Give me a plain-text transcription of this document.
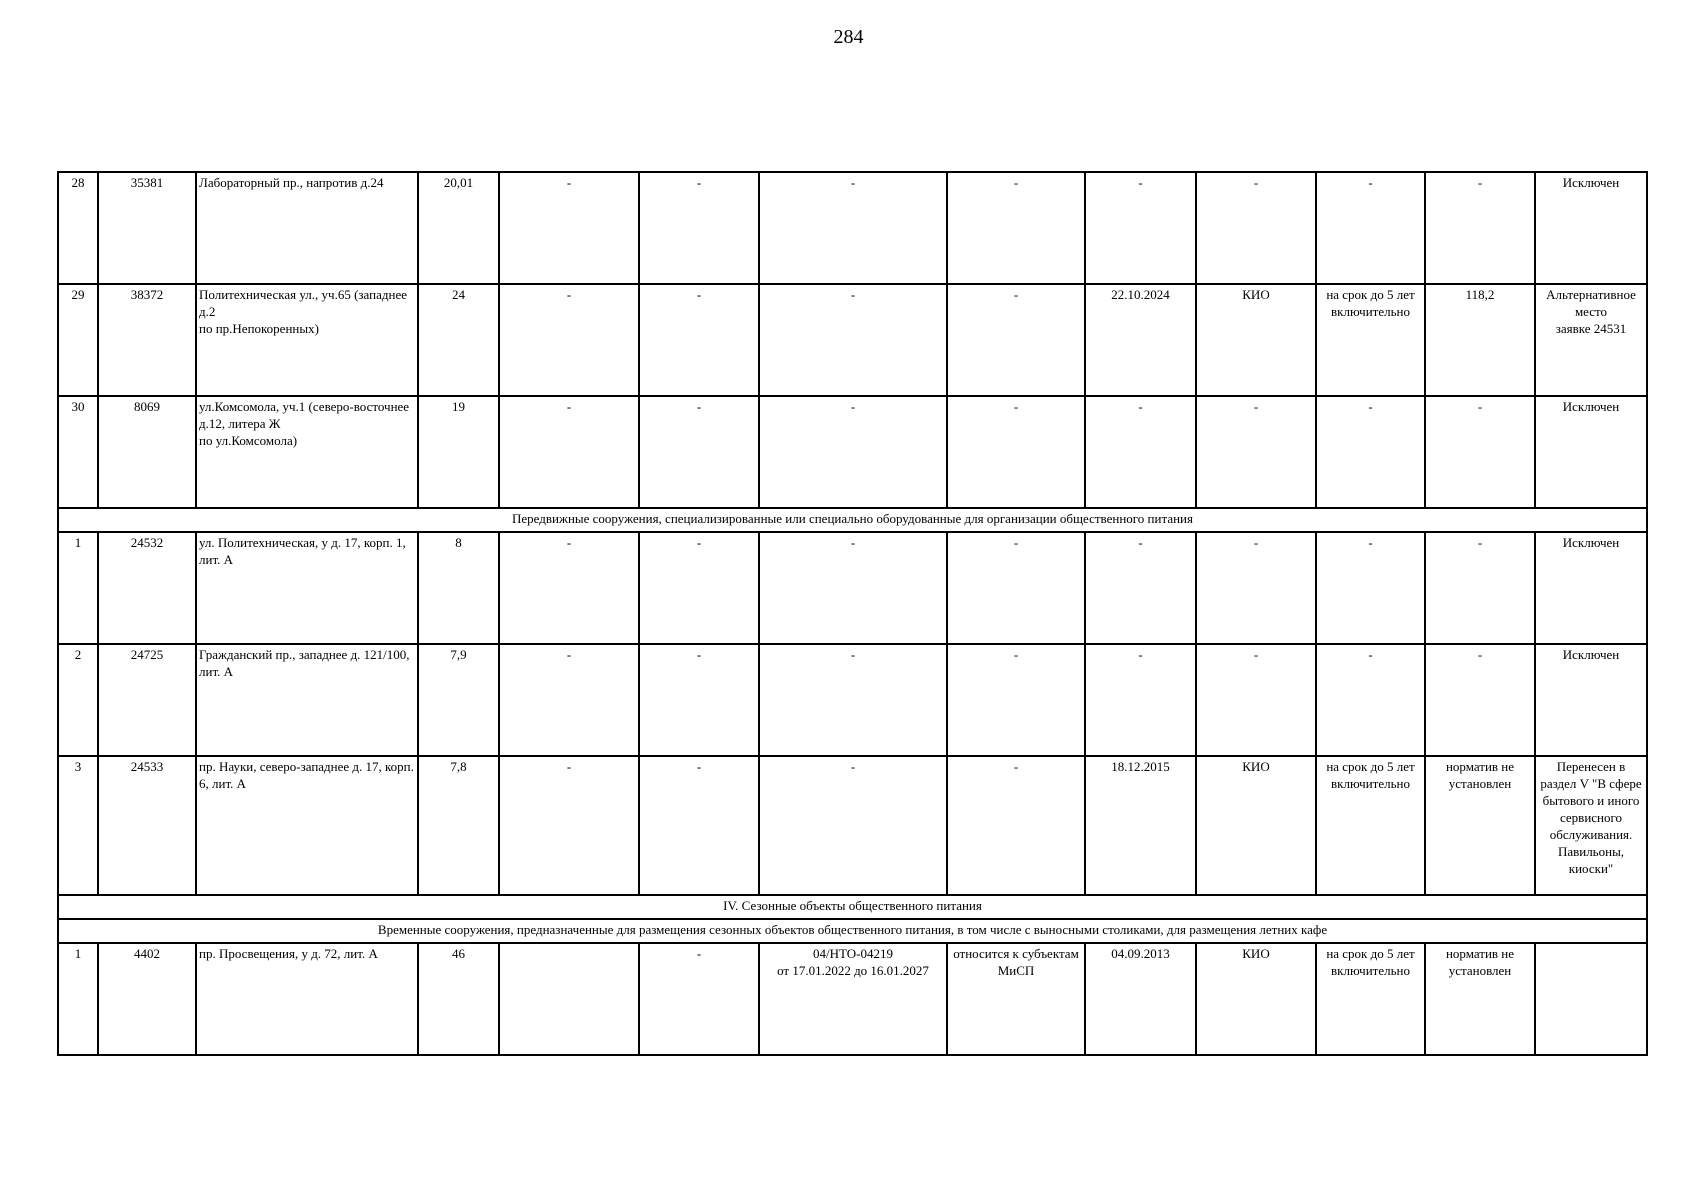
284
28	35381	Лабораторный пр., напротив д.24	20,01	-	-	-	-	-	-	-	-	Исключен
29	38372	Политехническая ул., уч.65 (западнее д.2
по пр.Непокоренных)	24	-	-	-	-	22.10.2024	КИО	на срок до 5 лет включительно	118,2	Альтернативное место
заявке 24531
30	8069	ул.Комсомола, уч.1 (северо-восточнее д.12, литера Ж
по ул.Комсомола)	19	-	-	-	-	-	-	-	-	Исключен
Передвижные сооружения, специализированные или специально оборудованные для организации общественного питания												
1	24532	ул. Политехническая, у д. 17, корп. 1, лит. А	8	-	-	-	-	-	-	-	-	Исключен
2	24725	Гражданский пр., западнее д. 121/100, лит. А	7,9	-	-	-	-	-	-	-	-	Исключен
3	24533	пр. Науки, северо-западнее д. 17, корп. 6, лит. А	7,8	-	-	-	-	18.12.2015	КИО	на срок до 5 лет включительно	норматив не установлен	Перенесен в раздел V "В сфере бытового и иного сервисного обслуживания. Павильоны, киоски"
IV. Сезонные объекты общественного питания												
Временные сооружения, предназначенные для размещения сезонных объектов общественного питания, в том числе с выносными столиками, для размещения летних кафе												
1	4402	пр. Просвещения, у д. 72, лит. А	46		-	04/НТО-04219
от 17.01.2022 до 16.01.2027	относится к субъектам МиСП	04.09.2013	КИО	на срок до 5 лет включительно	норматив не установлен	
